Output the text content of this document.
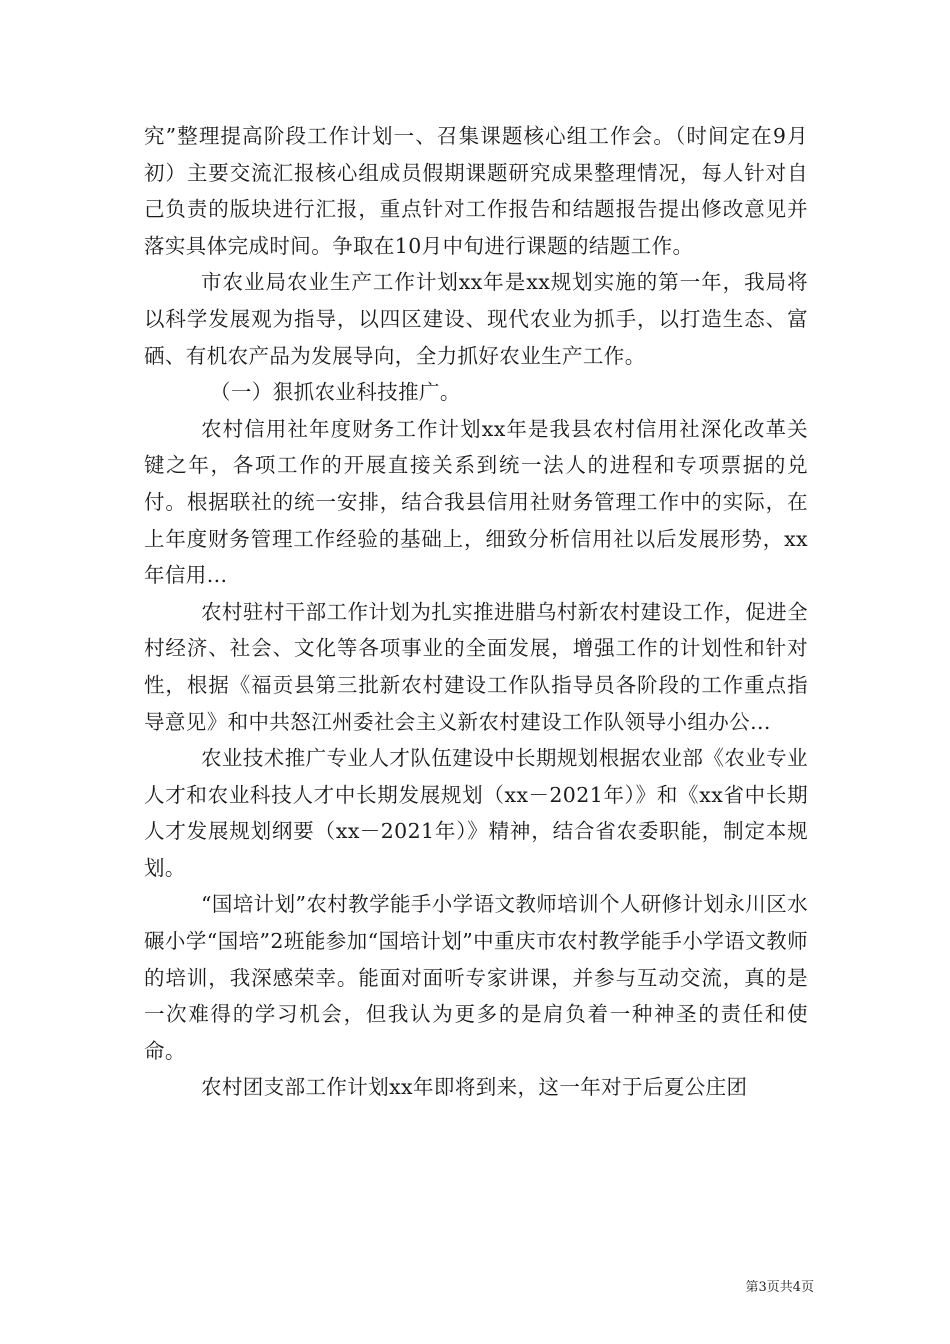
究”整理提高阶段工作计划一、召集课题核心组工作会。（时间定在9月初）主要交流汇报核心组成员假期课题研究成果整理情况，每人针对自己负责的版块进行汇报，重点针对工作报告和结题报告提出修改意见并落实具体完成时间。争取在10月中旬进行课题的结题工作。

市农业局农业生产工作计划xx年是xx规划实施的第一年，我局将以科学发展观为指导，以四区建设、现代农业为抓手，以打造生态、富硒、有机农产品为发展导向，全力抓好农业生产工作。

（一）狠抓农业科技推广。

农村信用社年度财务工作计划xx年是我县农村信用社深化改革关键之年，各项工作的开展直接关系到统一法人的进程和专项票据的兑付。根据联社的统一安排，结合我县信用社财务管理工作中的实际，在上年度财务管理工作经验的基础上，细致分析信用社以后发展形势，xx年信用...

农村驻村干部工作计划为扎实推进腊乌村新农村建设工作，促进全村经济、社会、文化等各项事业的全面发展，增强工作的计划性和针对性，根据《福贡县第三批新农村建设工作队指导员各阶段的工作重点指导意见》和中共怒江州委社会主义新农村建设工作队领导小组办公...

农业技术推广专业人才队伍建设中长期规划根据农业部《农业专业人才和农业科技人才中长期发展规划（xx－2021年）》和《xx省中长期人才发展规划纲要（xx－2021年）》精神，结合省农委职能，制定本规划。

“国培计划”农村教学能手小学语文教师培训个人研修计划永川区水碾小学“国培”2班能参加“国培计划”中重庆市农村教学能手小学语文教师的培训，我深感荣幸。能面对面听专家讲课，并参与互动交流，真的是一次难得的学习机会，但我认为更多的是肩负着一种神圣的责任和使命。

农村团支部工作计划xx年即将到来，这一年对于后夏公庄团

第3页共4页
